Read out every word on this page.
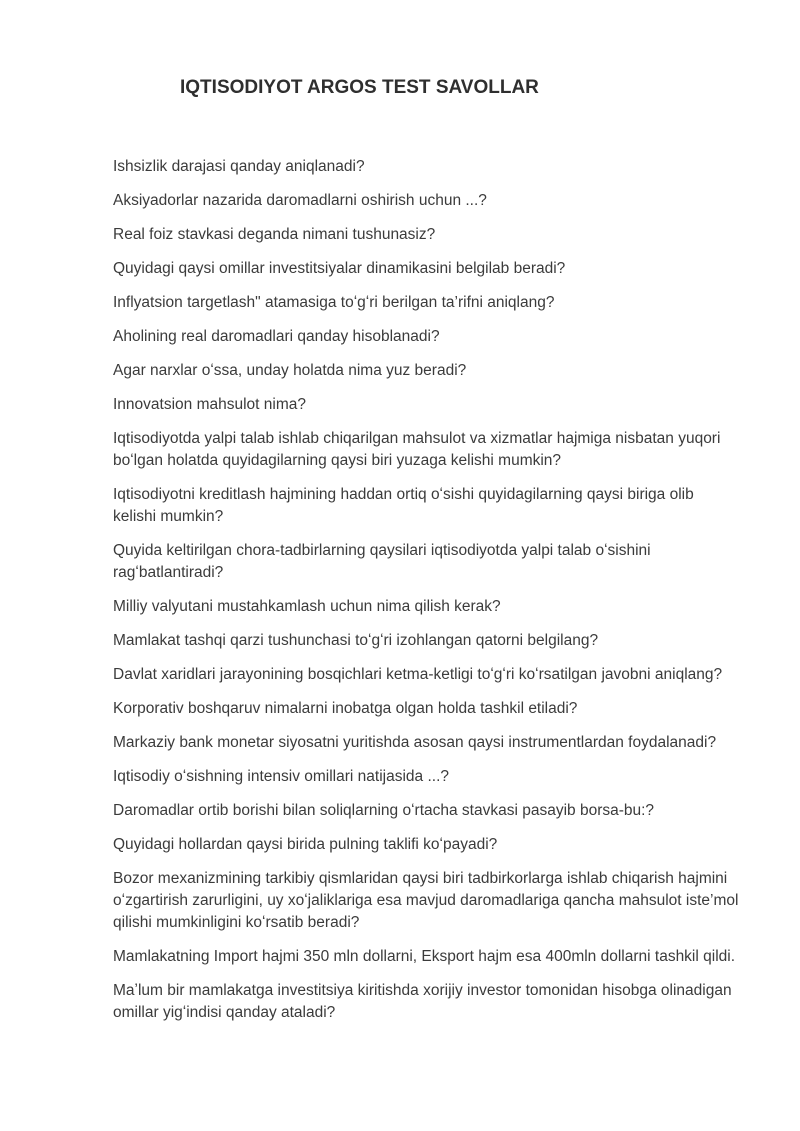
IQTISODIYOT ARGOS TEST SAVOLLAR

Ishsizlik darajasi qanday aniqlanadi?

Aksiyadorlar nazarida daromadlarni oshirish uchun ...?

Real foiz stavkasi deganda nimani tushunasiz?

Quyidagi qaysi omillar investitsiyalar dinamikasini belgilab beradi?

Inflyatsion targetlash" atamasiga toʻgʻri berilgan ta’rifni aniqlang?

Aholining real daromadlari qanday hisoblanadi?

Agar narxlar oʻssa, unday holatda nima yuz beradi?

Innovatsion mahsulot nima?

Iqtisodiyotda yalpi talab ishlab chiqarilgan mahsulot va xizmatlar hajmiga nisbatan yuqori boʻlgan holatda quyidagilarning qaysi biri yuzaga kelishi mumkin?

Iqtisodiyotni kreditlash hajmining haddan ortiq oʻsishi quyidagilarning qaysi biriga olib kelishi mumkin?

Quyida keltirilgan chora-tadbirlarning qaysilari iqtisodiyotda yalpi talab oʻsishini ragʻbatlantiradi?

Milliy valyutani mustahkamlash uchun nima qilish kerak?

Mamlakat tashqi qarzi tushunchasi toʻgʻri izohlangan qatorni belgilang?

Davlat xaridlari jarayonining bosqichlari ketma-ketligi toʻgʻri koʻrsatilgan javobni aniqlang?

Korporativ boshqaruv nimalarni inobatga olgan holda tashkil etiladi?

Markaziy bank monetar siyosatni yuritishda asosan qaysi instrumentlardan foydalanadi?

Iqtisodiy oʻsishning intensiv omillari natijasida ...?

Daromadlar ortib borishi bilan soliqlarning oʻrtacha stavkasi pasayib borsa-bu:?

Quyidagi hollardan qaysi birida pulning taklifi koʻpayadi?

Bozor mexanizmining tarkibiy qismlaridan qaysi biri tadbirkorlarga ishlab chiqarish hajmini oʻzgartirish zarurligini, uy xoʻjaliklariga esa mavjud daromadlariga qancha mahsulot iste’mol qilishi mumkinligini koʻrsatib beradi?

Mamlakatning Import hajmi 350 mln dollarni, Eksport hajm esa 400mln dollarni tashkil qildi.

Maʼlum bir mamlakatga investitsiya kiritishda xorijiy investor tomonidan hisobga olinadigan omillar yigʻindisi qanday ataladi?
